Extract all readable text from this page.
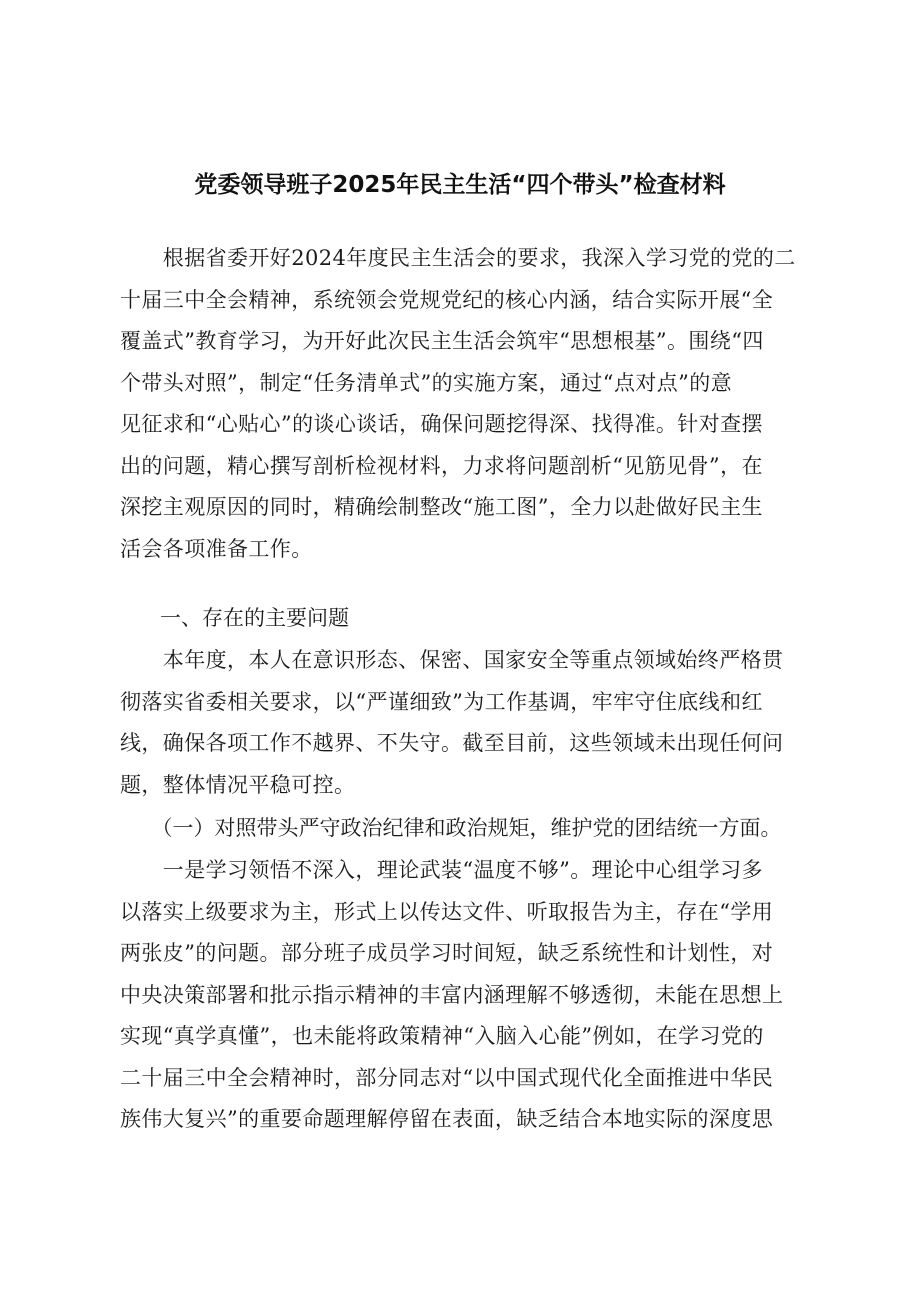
党委领导班子2025年民主生活“四个带头”检查材料
　　根据省委开好2024年度民主生活会的要求，我深入学习党的党的二
十届三中全会精神，系统领会党规党纪的核心内涵，结合实际开展“全
覆盖式”教育学习，为开好此次民主生活会筑牢“思想根基”。围绕“四
个带头对照”，制定“任务清单式”的实施方案，通过“点对点”的意
见征求和“心贴心”的谈心谈话，确保问题挖得深、找得准。针对查摆
出的问题，精心撰写剖析检视材料，力求将问题剖析“见筋见骨”，在
深挖主观原因的同时，精确绘制整改“施工图”，全力以赴做好民主生
活会各项准备工作。
一、存在的主要问题
　　本年度，本人在意识形态、保密、国家安全等重点领域始终严格贯
彻落实省委相关要求，以“严谨细致”为工作基调，牢牢守住底线和红
线，确保各项工作不越界、不失守。截至目前，这些领域未出现任何问
题，整体情况平稳可控。
　　（一）对照带头严守政治纪律和政治规矩，维护党的团结统一方面。
　　一是学习领悟不深入，理论武装“温度不够”。理论中心组学习多
以落实上级要求为主，形式上以传达文件、听取报告为主，存在“学用
两张皮”的问题。部分班子成员学习时间短，缺乏系统性和计划性，对
中央决策部署和批示指示精神的丰富内涵理解不够透彻，未能在思想上
实现“真学真懂”，也未能将政策精神“入脑入心能”例如，在学习党的
二十届三中全会精神时，部分同志对“以中国式现代化全面推进中华民
族伟大复兴”的重要命题理解停留在表面，缺乏结合本地实际的深度思
